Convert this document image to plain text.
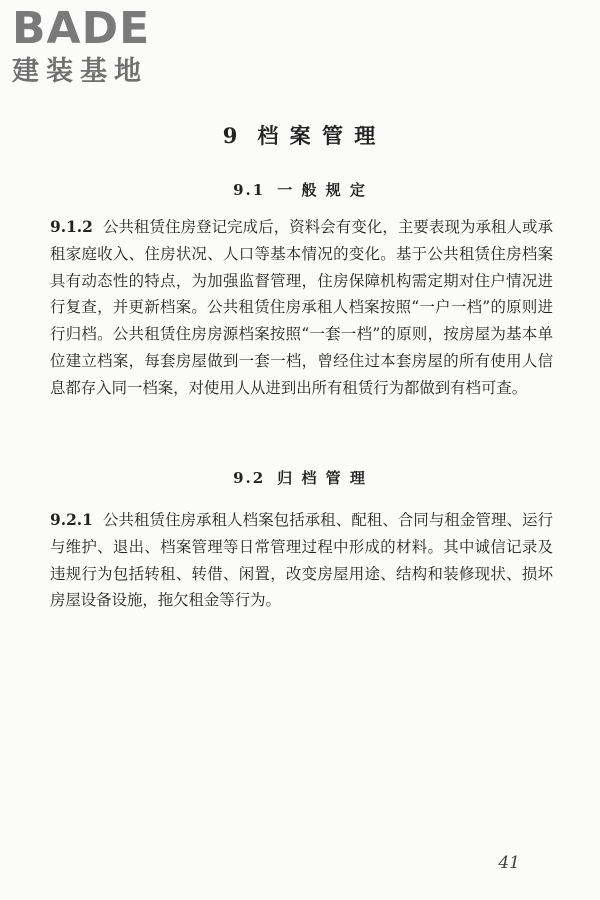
BADE
建装基地
9 档 案 管 理
9.1 一 般 规 定

9.1.2 公共租赁住房登记完成后，资料会有变化，主要表现为承租人或承租家庭收入、住房状况、人口等基本情况的变化。基于公共租赁住房档案具有动态性的特点，为加强监督管理，住房保障机构需定期对住户情况进行复查，并更新档案。公共租赁住房承租人档案按照“一户一档”的原则进行归档。公共租赁住房房源档案按照“一套一档”的原则，按房屋为基本单位建立档案，每套房屋做到一套一档，曾经住过本套房屋的所有使用人信息都存入同一档案，对使用人从进到出所有租赁行为都做到有档可查。

9.2 归 档 管 理

9.2.1 公共租赁住房承租人档案包括承租、配租、合同与租金管理、运行与维护、退出、档案管理等日常管理过程中形成的材料。其中诚信记录及违规行为包括转租、转借、闲置，改变房屋用途、结构和装修现状、损坏房屋设备设施，拖欠租金等行为。

41
